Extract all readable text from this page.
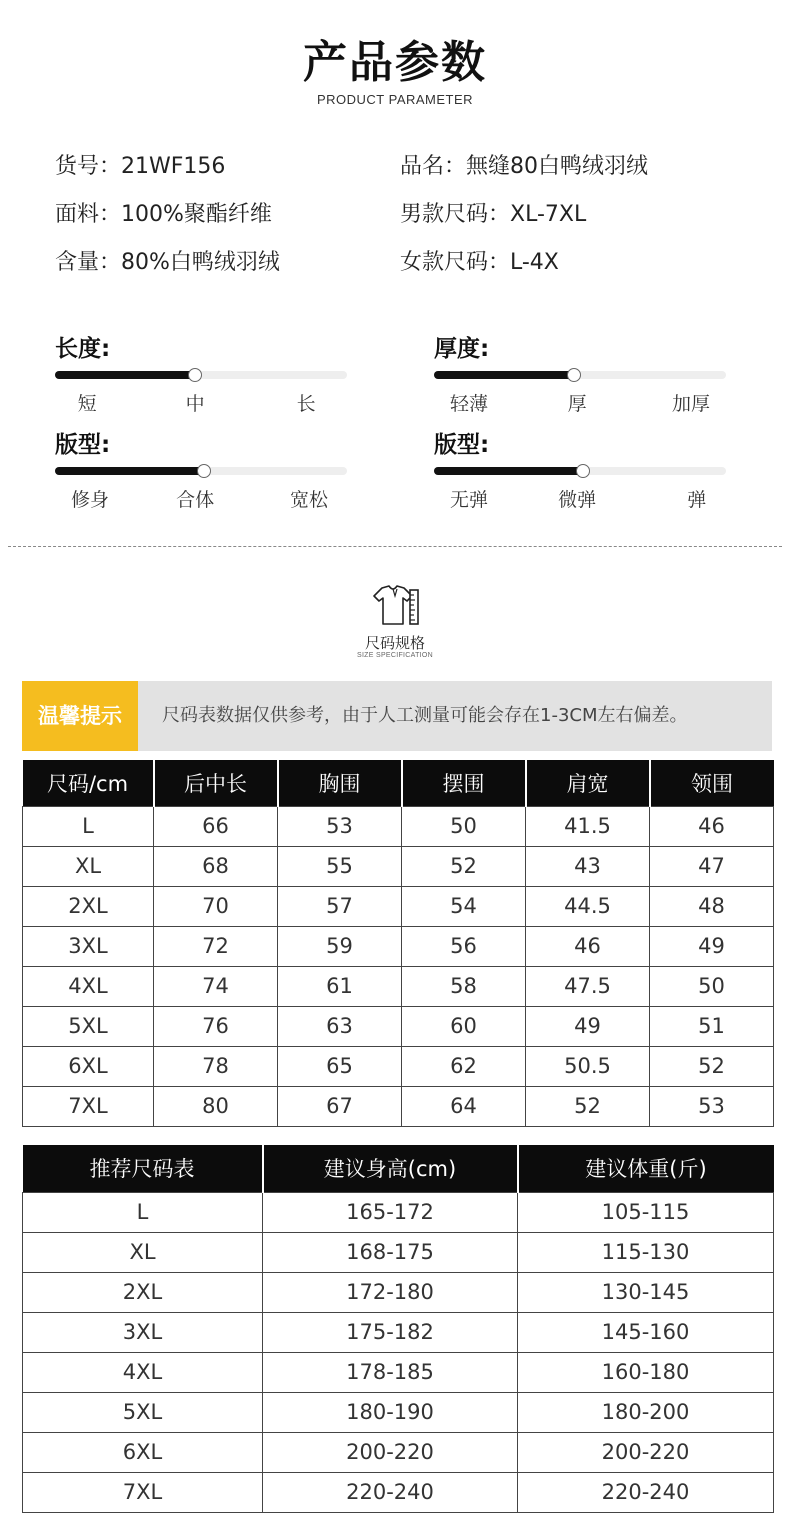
产品参数
PRODUCT PARAMETER
货号：21WF156	品名：無缝80白鸭绒羽绒
面料：100%聚酯纤维	男款尺码：XL-7XL
含量：80%白鸭绒羽绒	女款尺码：L-4X
长度:
短	中	长
厚度:
轻薄	厚	加厚
版型:
修身	合体	宽松
版型:
无弹	微弹	弹
尺码规格
SIZE SPECIFICATION
温馨提示	尺码表数据仅供参考，由于人工测量可能会存在1-3CM左右偏差。
尺码/cm	后中长	胸围	摆围	肩宽	领围
L	66	53	50	41.5	46
XL	68	55	52	43	47
2XL	70	57	54	44.5	48
3XL	72	59	56	46	49
4XL	74	61	58	47.5	50
5XL	76	63	60	49	51
6XL	78	65	62	50.5	52
7XL	80	67	64	52	53
推荐尺码表	建议身高(cm)	建议体重(斤)
L	165-172	105-115
XL	168-175	115-130
2XL	172-180	130-145
3XL	175-182	145-160
4XL	178-185	160-180
5XL	180-190	180-200
6XL	200-220	200-220
7XL	220-240	220-240
